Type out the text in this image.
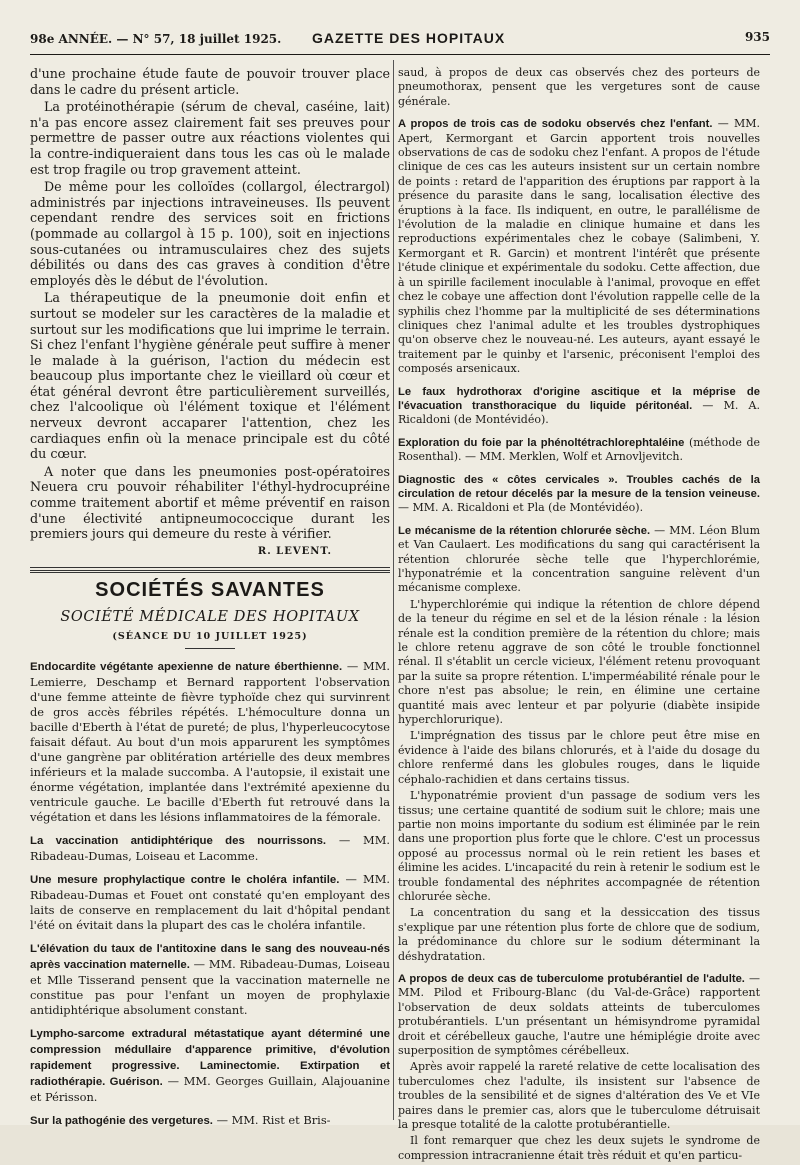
98e ANNÉE. — N° 57, 18 juillet 1925. GAZETTE DES HOPITAUX	935

d'une prochaine étude faute de pouvoir trouver place dans le cadre du présent article.

La protéinothérapie (sérum de cheval, caséine, lait) n'a pas encore assez clairement fait ses preuves pour permettre de passer outre aux réactions violentes qui la contre-indiqueraient dans tous les cas où le malade est trop fragile ou trop gravement atteint.

De même pour les colloïdes (collargol, électrargol) administrés par injections intraveineuses. Ils peuvent cependant rendre des services soit en frictions (pommade au collargol à 15 p. 100), soit en injections sous-cutanées ou intramusculaires chez des sujets débilités ou dans des cas graves à condition d'être employés dès le début de l'évolution.

La thérapeutique de la pneumonie doit enfin et surtout se modeler sur les caractères de la maladie et surtout sur les modifications que lui imprime le terrain. Si chez l'enfant l'hygiène générale peut suffire à mener le malade à la guérison, l'action du médecin est beaucoup plus importante chez le vieillard où cœur et état général devront être particulièrement surveillés, chez l'alcoolique où l'élément toxique et l'élément nerveux devront accaparer l'attention, chez les cardiaques enfin où la menace principale est du côté du cœur.

A noter que dans les pneumonies post-opératoires Neuera cru pouvoir réhabiliter l'éthyl-hydrocupréine comme traitement abortif et même préventif en raison d'une électivité antipneumococcique durant les premiers jours qui demeure du reste à vérifier.

R. LEVENT.
SOCIÉTÉS SAVANTES
SOCIÉTÉ MÉDICALE DES HOPITAUX
(SÉANCE DU 10 JUILLET 1925)
Endocardite végétante apexienne de nature éberthienne. — MM. Lemierre, Deschamp et Bernard rapportent l'observation d'une femme atteinte de fièvre typhoïde chez qui survinrent de gros accès fébriles répétés. L'hémoculture donna un bacille d'Eberth à l'état de pureté; de plus, l'hyperleucocytose faisait défaut. Au bout d'un mois apparurent les symptômes d'une gangrène par oblitération artérielle des deux membres inférieurs et la malade succomba. A l'autopsie, il existait une énorme végétation, implantée dans l'extrémité apexienne du ventricule gauche. Le bacille d'Eberth fut retrouvé dans la végétation et dans les lésions inflammatoires de la fémorale.
La vaccination antidiphtérique des nourrissons. — MM. Ribadeau-Dumas, Loiseau et Lacomme.
Une mesure prophylactique contre le choléra infantile. — MM. Ribadeau-Dumas et Fouet ont constaté qu'en employant des laits de conserve en remplacement du lait d'hôpital pendant l'été on évitait dans la plupart des cas le choléra infantile.
L'élévation du taux de l'antitoxine dans le sang des nouveau-nés après vaccination maternelle. — MM. Ribadeau-Dumas, Loiseau et Mlle Tisserand pensent que la vaccination maternelle ne constitue pas pour l'enfant un moyen de prophylaxie antidiphtérique absolument constant.
Lympho-sarcome extradural métastatique ayant déterminé une compression médullaire d'apparence primitive, d'évolution rapidement progressive. Laminectomie. Extirpation et radiothérapie. Guérison. — MM. Georges Guillain, Alajouanine et Périsson.
Sur la pathogénie des vergetures. — MM. Rist et Bris-
saud, à propos de deux cas observés chez des porteurs de pneumothorax, pensent que les vergetures sont de cause générale.
A propos de trois cas de sodoku observés chez l'enfant. — MM. Apert, Kermorgant et Garcin apportent trois nouvelles observations de cas de sodoku chez l'enfant. A propos de l'étude clinique de ces cas les auteurs insistent sur un certain nombre de points : retard de l'apparition des éruptions par rapport à la présence du parasite dans le sang, localisation élective des éruptions à la face. Ils indiquent, en outre, le parallélisme de l'évolution de la maladie en clinique humaine et dans les reproductions expérimentales chez le cobaye (Salimbeni, Y. Kermorgant et R. Garcin) et montrent l'intérêt que présente l'étude clinique et expérimentale du sodoku. Cette affection, due à un spirille facilement inoculable à l'animal, provoque en effet chez le cobaye une affection dont l'évolution rappelle celle de la syphilis chez l'homme par la multiplicité de ses déterminations cliniques chez l'animal adulte et les troubles dystrophiques qu'on observe chez le nouveau-né. Les auteurs, ayant essayé le traitement par le quinby et l'arsenic, préconisent l'emploi des composés arsenicaux.
Le faux hydrothorax d'origine ascitique et la méprise de l'évacuation transthoracique du liquide péritonéal. — M. A. Ricaldoni (de Montévidéo).
Exploration du foie par la phénoltétrachlorephtaléine (méthode de Rosenthal). — MM. Merklen, Wolf et Arnovljevitch.
Diagnostic des « côtes cervicales ». Troubles cachés de la circulation de retour décelés par la mesure de la tension veineuse. — MM. A. Ricaldoni et Pla (de Montévidéo).
Le mécanisme de la rétention chlorurée sèche. — MM. Léon Blum et Van Caulaert. Les modifications du sang qui caractérisent la rétention chlorurée sèche telle que l'hyperchlorémie, l'hyponatrémie et la concentration sanguine relèvent d'un mécanisme complexe.

L'hyperchlorémie qui indique la rétention de chlore dépend de la teneur du régime en sel et de la lésion rénale : la lésion rénale est la condition première de la rétention du chlore; mais le chlore retenu aggrave de son côté le trouble fonctionnel rénal. Il s'établit un cercle vicieux, l'élément retenu provoquant par la suite sa propre rétention. L'imperméabilité rénale pour le chore n'est pas absolue; le rein, en élimine une certaine quantité mais avec lenteur et par polyurie (diabète insipide hyperchlorurique).

L'imprégnation des tissus par le chlore peut être mise en évidence à l'aide des bilans chlorurés, et à l'aide du dosage du chlore renfermé dans les globules rouges, dans le liquide céphalo-rachidien et dans certains tissus.

L'hyponatrémie provient d'un passage de sodium vers les tissus; une certaine quantité de sodium suit le chlore; mais une partie non moins importante du sodium est éliminée par le rein dans une proportion plus forte que le chlore. C'est un processus opposé au processus normal où le rein retient les bases et élimine les acides. L'incapacité du rein à retenir le sodium est le trouble fondamental des néphrites accompagnée de rétention chlorurée sèche.

La concentration du sang et la dessiccation des tissus s'explique par une rétention plus forte de chlore que de sodium, la prédominance du chlore sur le sodium déterminant la déshydratation.

A propos de deux cas de tuberculome protubérantiel de l'adulte. — MM. Pilod et Fribourg-Blanc (du Val-de-Grâce) rapportent l'observation de deux soldats atteints de tuberculomes protubérantiels. L'un présentant un hémisyndrome pyramidal droit et cérébelleux gauche, l'autre une hémiplégie droite avec superposition de symptômes cérébelleux.

Après avoir rappelé la rareté relative de cette localisation des tuberculomes chez l'adulte, ils insistent sur l'absence de troubles de la sensibilité et de signes d'altération des Ve et VIe paires dans le premier cas, alors que le tuberculome détruisait la presque totalité de la calotte protubérantielle.

Il font remarquer que chez les deux sujets le syndrome de compression intracranienne était très réduit et qu'en particu-
